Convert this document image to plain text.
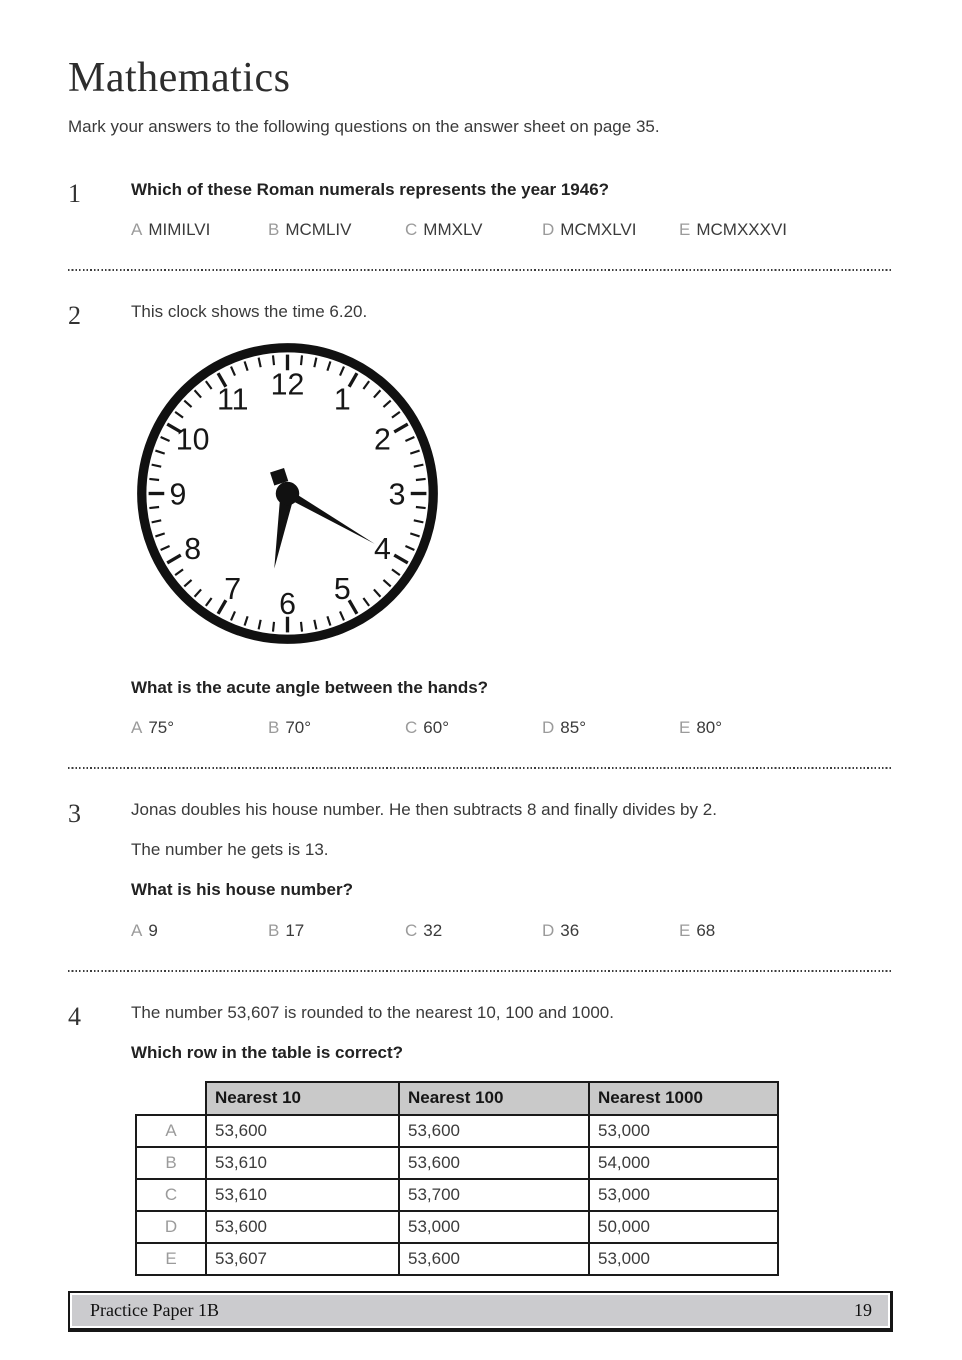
Mathematics

Mark your answers to the following questions on the answer sheet on page 35.

1	Which of these Roman numerals represents the year 1946?

A MIMILVI	B MCMLIV	C MMXLV	D MCMXLVI	E MCMXXXVI
2	This clock shows the time 6.20.

12 1
2
3
4
5
6
7
8
9
10
11

What is the acute angle between the hands?

A 75°	B 70°	C 60°	D 85°	E 80°
3	Jonas doubles his house number. He then subtracts 8 and finally divides by 2.

The number he gets is 13.

What is his house number?

A 9	B 17	C 32	D 36	E 68
4	The number 53,607 is rounded to the nearest 10, 100 and 1000.

Which row in the table is correct?

	Nearest 10	Nearest 100	Nearest 1000
A	53,600	53,600	53,000
B	53,610	53,600	54,000
C	53,610	53,700	53,000
D	53,600	53,000	50,000
E	53,607	53,600	53,000
Practice Paper 1B	19
